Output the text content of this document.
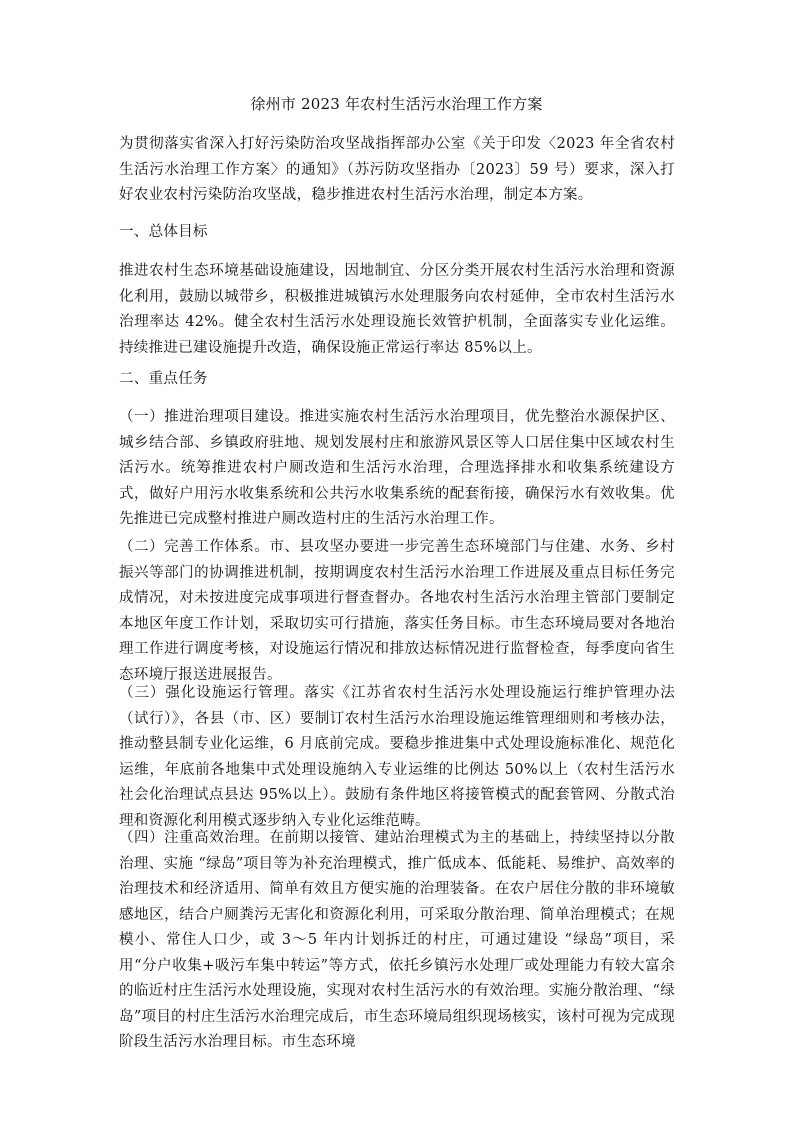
徐州市 2023 年农村生活污水治理工作方案

为贯彻落实省深入打好污染防治攻坚战指挥部办公室《关于印发〈2023 年全省农村生活污水治理工作方案〉的通知》（苏污防攻坚指办〔2023〕59 号）要求，深入打好农业农村污染防治攻坚战，稳步推进农村生活污水治理，制定本方案。

一、总体目标

推进农村生态环境基础设施建设，因地制宜、分区分类开展农村生活污水治理和资源化利用，鼓励以城带乡，积极推进城镇污水处理服务向农村延伸，全市农村生活污水治理率达 42%。健全农村生活污水处理设施长效管护机制，全面落实专业化运维。持续推进已建设施提升改造，确保设施正常运行率达 85%以上。

二、重点任务

（一）推进治理项目建设。推进实施农村生活污水治理项目，优先整治水源保护区、城乡结合部、乡镇政府驻地、规划发展村庄和旅游风景区等人口居住集中区域农村生活污水。统筹推进农村户厕改造和生活污水治理，合理选择排水和收集系统建设方式，做好户用污水收集系统和公共污水收集系统的配套衔接，确保污水有效收集。优先推进已完成整村推进户厕改造村庄的生活污水治理工作。

（二）完善工作体系。市、县攻坚办要进一步完善生态环境部门与住建、水务、乡村振兴等部门的协调推进机制，按期调度农村生活污水治理工作进展及重点目标任务完成情况，对未按进度完成事项进行督查督办。各地农村生活污水治理主管部门要制定本地区年度工作计划，采取切实可行措施，落实任务目标。市生态环境局要对各地治理工作进行调度考核，对设施运行情况和排放达标情况进行监督检查，每季度向省生态环境厅报送进展报告。

（三）强化设施运行管理。落实《江苏省农村生活污水处理设施运行维护管理办法（试行）》，各县（市、区）要制订农村生活污水治理设施运维管理细则和考核办法，推动整县制专业化运维，6 月底前完成。要稳步推进集中式处理设施标准化、规范化运维，年底前各地集中式处理设施纳入专业运维的比例达 50%以上（农村生活污水社会化治理试点县达 95%以上）。鼓励有条件地区将接管模式的配套管网、分散式治理和资源化利用模式逐步纳入专业化运维范畴。

（四）注重高效治理。在前期以接管、建站治理模式为主的基础上，持续坚持以分散治理、实施 “绿岛”项目等为补充治理模式，推广低成本、低能耗、易维护、高效率的治理技术和经济适用、简单有效且方便实施的治理装备。在农户居住分散的非环境敏感地区，结合户厕粪污无害化和资源化利用，可采取分散治理、简单治理模式；在规模小、常住人口少，或 3～5 年内计划拆迁的村庄，可通过建设 “绿岛”项目，采用“分户收集+吸污车集中转运”等方式，依托乡镇污水处理厂或处理能力有较大富余的临近村庄生活污水处理设施，实现对农村生活污水的有效治理。实施分散治理、“绿岛”项目的村庄生活污水治理完成后，市生态环境局组织现场核实，该村可视为完成现阶段生活污水治理目标。市生态环境
